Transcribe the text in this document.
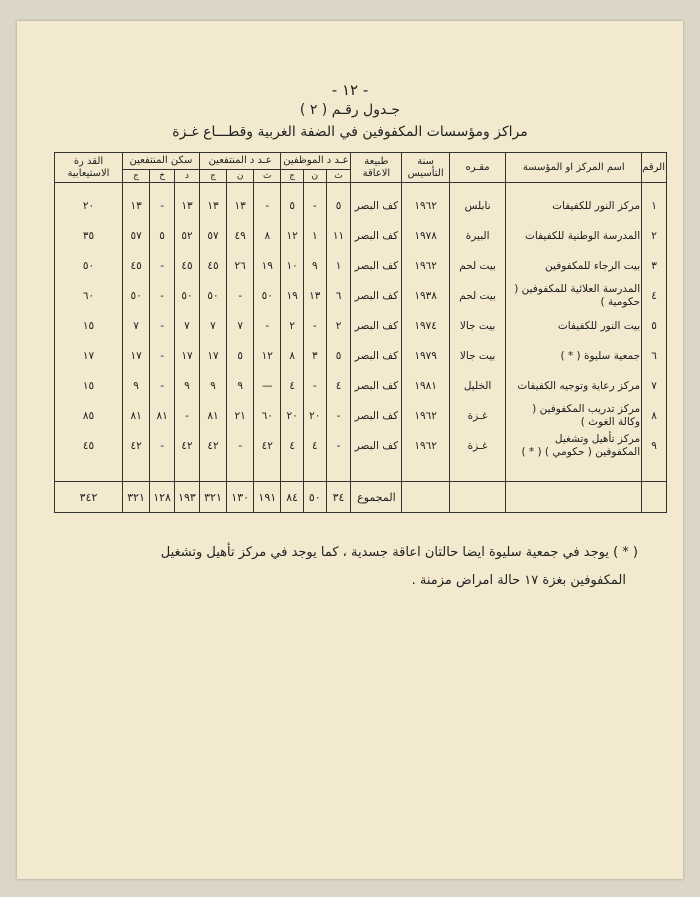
- ١٢ -
جـدول رقـم ( ٢ )
مراكز ومؤسسات المكفوفين في الضفة الغربية وقطـــاع غـزة
الرقم	اسم المركز او المؤسسة	مقـره	سنة التأسيس	طبيعة الاعاقة	عـد د الموظفين			عـد د المنتفعين			سكن المنتفعين			القد رة الاستيعابية
					ث	ن	ج	ث	ن	ج	د	خ	ج	

١	مركز النور للكفيفات	نابلس	١٩٦٢	كف البصر	٥	-	٥	-	١٣	١٣	١٣	-	١٣	٢٠
٢	المدرسة الوطنية للكفيفات	البيرة	١٩٧٨	كف البصر	١١	١	١٢	٨	٤٩	٥٧	٥٢	٥	٥٧	٣٥
٣	بيت الرجاء للمكفوفين	بيت لحم	١٩٦٢	كف البصر	١	٩	١٠	١٩	٢٦	٤٥	٤٥	-	٤٥	٥٠
٤	المدرسة العلائية للمكفوفين ( حكومية )	بيت لحم	١٩٣٨	كف البصر	٦	١٣	١٩	٥٠	-	٥٠	٥٠	-	٥٠	٦٠
٥	بيت النور للكفيفات	بيت جالا	١٩٧٤	كف البصر	٢	-	٢	-	٧	٧	٧	-	٧	١٥
٦	جمعية سليوة ( * )	بيت جالا	١٩٧٩	كف البصر	٥	٣	٨	١٢	٥	١٧	١٧	-	١٧	١٧
٧	مركز رعاية وتوجيه الكفيفات	الخليل	١٩٨١	كف البصر	٤	-	٤	—	٩	٩	٩	-	٩	١٥
٨	مركز تدريب المكفوفين ( وكالة الغوث )	غـزة	١٩٦٢	كف البصر	-	٢٠	٢٠	٦٠	٢١	٨١	-	٨١	٨١	٨٥
٩	مركز تأهيل وتشغيل المكفوفين ( حكومي ) ( * )	غـزة	١٩٦٢	كف البصر	-	٤	٤	٤٢	-	٤٢	٤٢	-	٤٢	٤٥

				المجموع	٣٤	٥٠	٨٤	١٩١	١٣٠	٣٢١	١٩٣	١٢٨	٣٢١	٣٤٢
( * ) يوجد في جمعية سليوة ايضا حالتان اعاقة جسدية ، كما يوجد في مركز تأهيل وتشغيل
المكفوفين بغزة ١٧ حالة امراض مزمنة .
